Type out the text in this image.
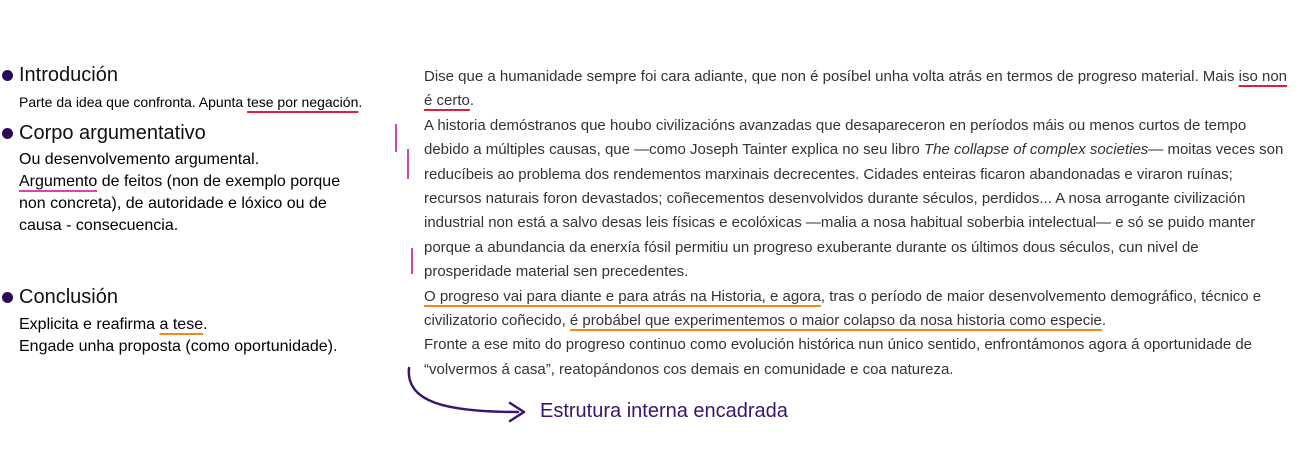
Introdución
Parte da idea que confronta. Apunta tese por negación.
Corpo argumentativo
Ou desenvolvemento argumental.
Argumento de feitos (non de exemplo porque
non concreta), de autoridade e lóxico ou de
causa - consecuencia.
Conclusión
Explicita e reafirma a tese.
Engade unha proposta (como oportunidade).

Dise que a humanidade sempre foi cara adiante, que non é posíbel unha volta atrás en termos de progreso material. Mais iso non é certo.

A historia demóstranos que houbo civilizacións avanzadas que desapareceron en períodos máis ou menos curtos de tempo debido a múltiples causas, que —como Joseph Tainter explica no seu libro The collapse of complex societies— moitas veces son reducíbeis ao problema dos rendementos marxinais decrecentes. Cidades enteiras ficaron abandonadas e viraron ruínas; recursos naturais foron devastados; coñecementos desenvolvidos durante séculos, perdidos... A nosa arrogante civilización industrial non está a salvo desas leis físicas e ecolóxicas —malia a nosa habitual soberbia intelectual— e só se puido manter porque a abundancia da enerxía fósil permitiu un progreso exuberante durante os últimos dous séculos, cun nivel de prosperidade material sen precedentes.

O progreso vai para diante e para atrás na Historia, e agora, tras o período de maior desenvolvemento demográfico, técnico e civilizatorio coñecido, é probábel que experimentemos o maior colapso da nosa historia como especie.

Fronte a ese mito do progreso continuo como evolución histórica nun único sentido, enfrontámonos agora á oportunidade de “volvermos á casa”, reatopándonos cos demais en comunidade e coa natureza.

Estrutura interna encadrada
